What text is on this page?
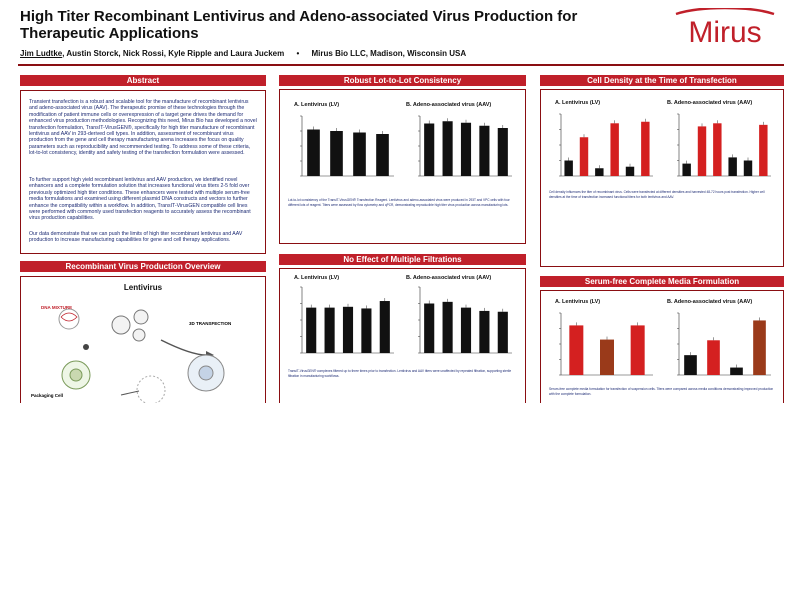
High Titer Recombinant Lentivirus and Adeno-associated Virus Production for
Therapeutic Applications
Jim Ludtke, Austin Storck, Nick Rossi, Kyle Ripple and Laura Juckem • Mirus Bio LLC, Madison, Wisconsin USA
Mirus
Abstract
Transient transfection is a robust and scalable tool for the manufacture of recombinant lentivirus and adeno-associated virus (AAV). The therapeutic promise of these technologies through the modification of patient immune cells or overexpression of a target gene drives the demand for enhanced virus production methodologies. Recognizing this need, Mirus Bio has developed a novel transfection formulation, TransIT-VirusGEN®, specifically for high titer manufacture of recombinant lentivirus and AAV in 293-derived cell types. In addition, assessment of recombinant virus production from the gene and cell therapy manufacturing arena increases the focus on quality parameters such as reproducibility and recommended testing. To address some of these criteria, lot-to-lot consistency, identity and safety testing of the transfection formulation were assessed.
To further support high yield recombinant lentivirus and AAV production, we identified novel enhancers and a complete formulation solution that increases functional virus titers 2-5 fold over previously optimized high titer conditions. These enhancers were tested with multiple serum-free media formulations and examined using different plasmid DNA constructs and vectors to further enhance the compatibility within a workflow. In addition, TransIT-VirusGEN compatible cell lines were performed with commonly used transfection reagents to accurately assess the recombinant virus production capabilities.
Our data demonstrate that we can push the limits of high titer recombinant lentivirus and AAV production to increase manufacturing capabilities for gene and cell therapy applications.
Recombinant Virus Production Overview
Lentivirus
DNA MIXTURE
3D TRANSFECTION
Packaging Cell
Robust Lot-to-Lot Consistency
A. Lentivirus (LV)	B. Adeno-associated virus (AAV)
Lot-to-lot consistency of the TransIT-VirusGEN® Transfection Reagent. Lentivirus and adeno-associated virus were produced in 293T and VPC cells with four different lots of reagent. Titers were assessed by flow cytometry and qPCR, demonstrating reproducible high titer virus production across manufacturing lots.
No Effect of Multiple Filtrations
A. Lentivirus (LV)	B. Adeno-associated virus (AAV)
TransIT-VirusGEN® complexes filtered up to three times prior to transfection. Lentivirus and AAV titers were unaffected by repeated filtration, supporting sterile filtration in manufacturing workflows.
Cell Density at the Time of Transfection
A. Lentivirus (LV)	B. Adeno-associated virus (AAV)
Cell density influences the titer of recombinant virus. Cells were transfected at different densities and harvested 48-72 hours post transfection. Higher cell densities at the time of transfection increased functional titers for both lentivirus and AAV.
Serum-free Complete Media Formulation
A. Lentivirus (LV)	B. Adeno-associated virus (AAV)
Serum-free complete media formulation for transfection of suspension cells. Titers were compared across media conditions demonstrating improved production with the complete formulation.
